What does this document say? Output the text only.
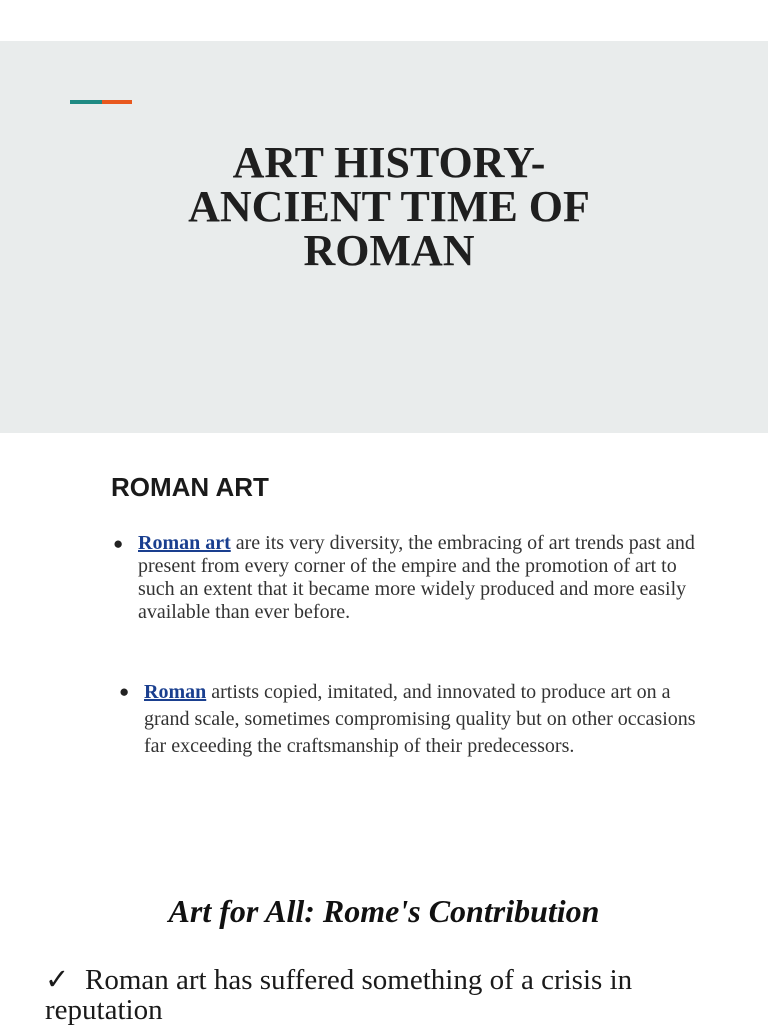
ART HISTORY-
ANCIENT TIME OF
ROMAN
ROMAN ART
● Roman art are its very diversity, the embracing of art trends past and present from every corner of the empire and the promotion of art to such an extent that it became more widely produced and more easily available than ever before.
● Roman artists copied, imitated, and innovated to produce art on a grand scale, sometimes compromising quality but on other occasions far exceeding the craftsmanship of their predecessors.
Art for All: Rome's Contribution
✓ Roman art has suffered something of a crisis in reputation
